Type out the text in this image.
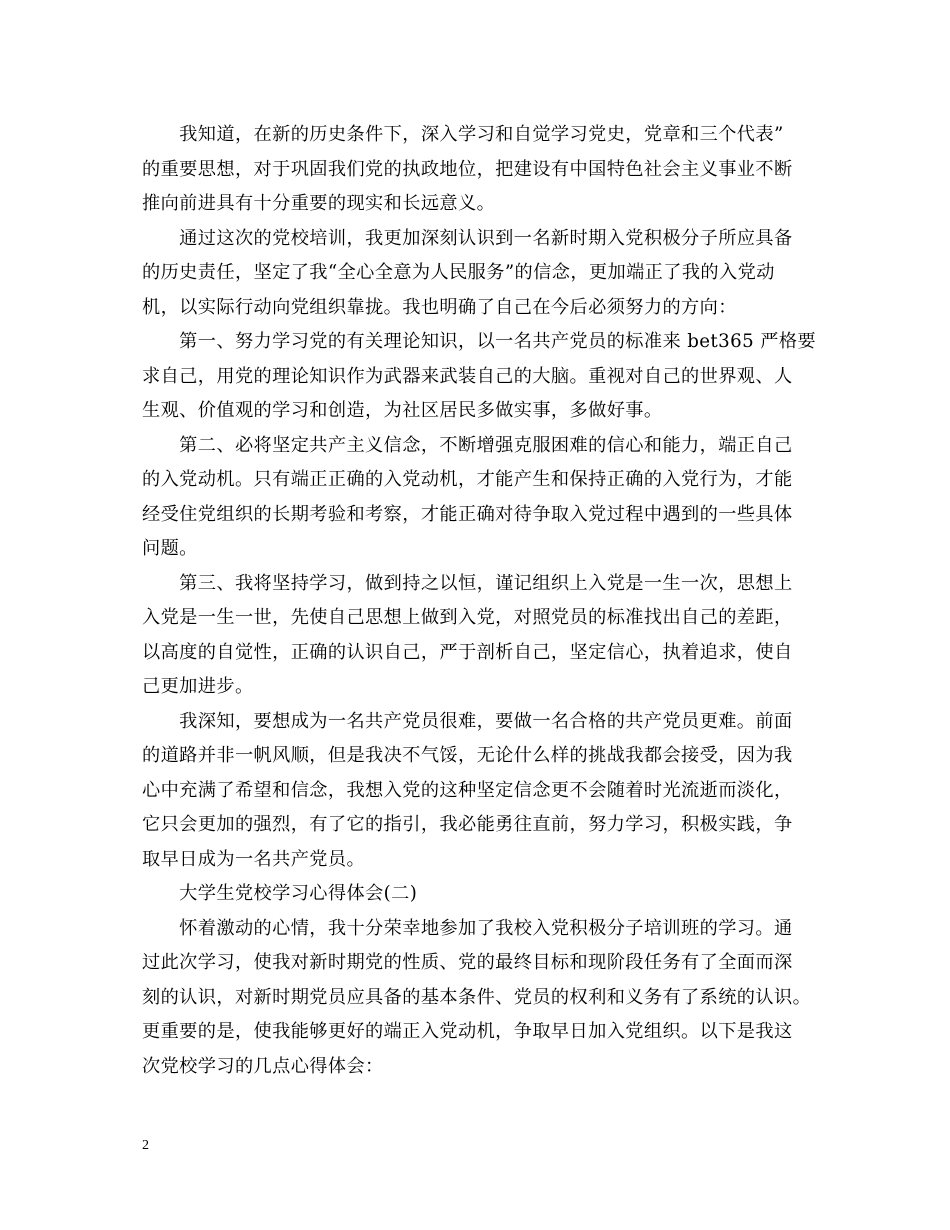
　　我知道，在新的历史条件下，深入学习和自觉学习党史，党章和三个代表”
的重要思想，对于巩固我们党的执政地位，把建设有中国特色社会主义事业不断
推向前进具有十分重要的现实和长远意义。

　　通过这次的党校培训，我更加深刻认识到一名新时期入党积极分子所应具备
的历史责任，坚定了我“全心全意为人民服务”的信念，更加端正了我的入党动
机，以实际行动向党组织靠拢。我也明确了自己在今后必须努力的方向：

　　第一、努力学习党的有关理论知识，以一名共产党员的标准来 bet365 严格要
求自己，用党的理论知识作为武器来武装自己的大脑。重视对自己的世界观、人
生观、价值观的学习和创造，为社区居民多做实事，多做好事。

　　第二、必将坚定共产主义信念，不断增强克服困难的信心和能力，端正自己
的入党动机。只有端正正确的入党动机，才能产生和保持正确的入党行为，才能
经受住党组织的长期考验和考察，才能正确对待争取入党过程中遇到的一些具体
问题。

　　第三、我将坚持学习，做到持之以恒，谨记组织上入党是一生一次，思想上
入党是一生一世，先使自己思想上做到入党，对照党员的标准找出自己的差距，
以高度的自觉性，正确的认识自己，严于剖析自己，坚定信心，执着追求，使自
己更加进步。

　　我深知，要想成为一名共产党员很难，要做一名合格的共产党员更难。前面
的道路并非一帆风顺，但是我决不气馁，无论什么样的挑战我都会接受，因为我
心中充满了希望和信念，我想入党的这种坚定信念更不会随着时光流逝而淡化，
它只会更加的强烈，有了它的指引，我必能勇往直前，努力学习，积极实践，争
取早日成为一名共产党员。

　　大学生党校学习心得体会(二)

　　怀着激动的心情，我十分荣幸地参加了我校入党积极分子培训班的学习。通
过此次学习，使我对新时期党的性质、党的最终目标和现阶段任务有了全面而深
刻的认识，对新时期党员应具备的基本条件、党员的权利和义务有了系统的认识。
更重要的是，使我能够更好的端正入党动机，争取早日加入党组织。以下是我这
次党校学习的几点心得体会：

2
